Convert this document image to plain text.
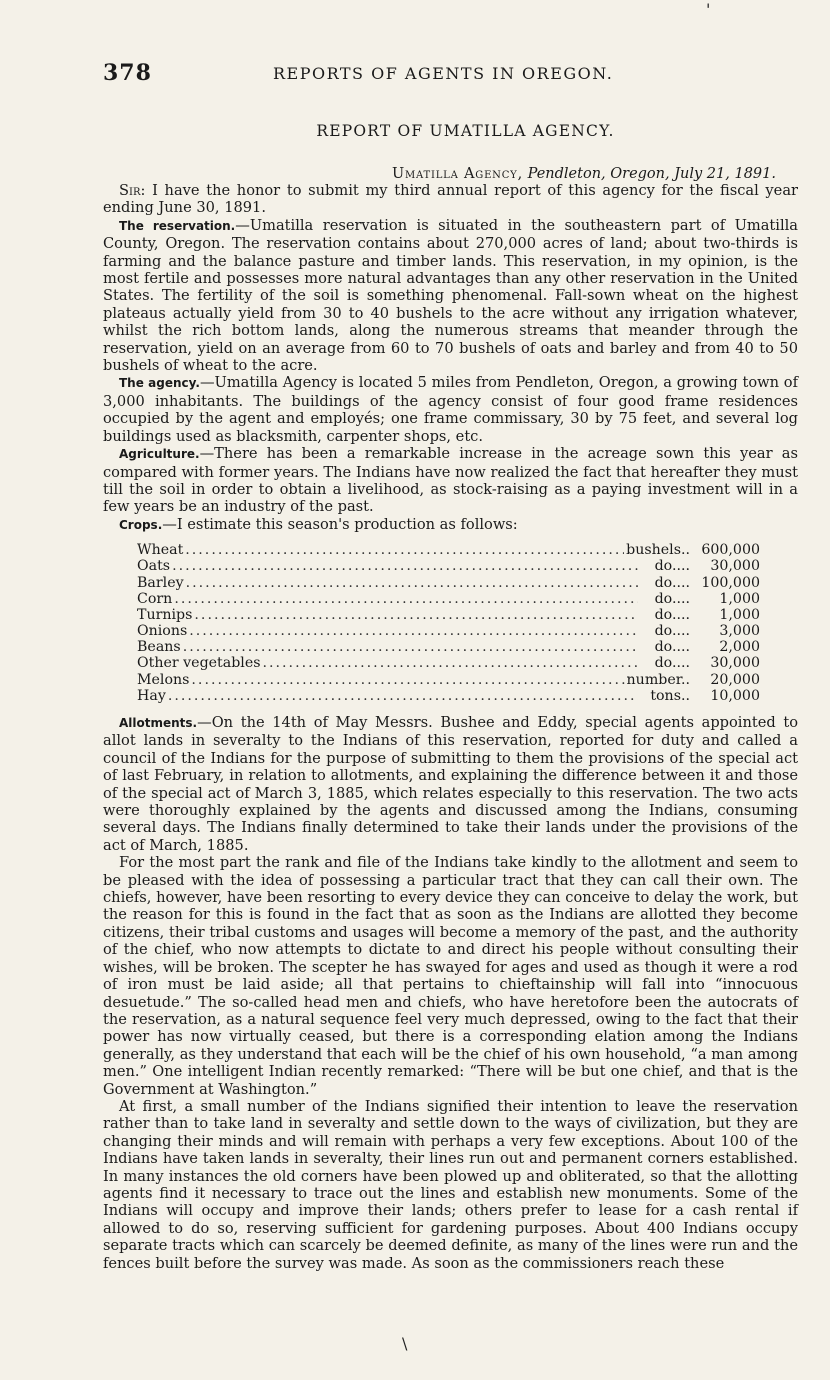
378	REPORTS OF AGENTS IN OREGON.
REPORT OF UMATILLA AGENCY.
Umatilla Agency, Pendleton, Oregon, July 21, 1891.

Sir: I have the honor to submit my third annual report of this agency for the fiscal year ending June 30, 1891.

The reservation.—Umatilla reservation is situated in the southeastern part of Umatilla County, Oregon. The reservation contains about 270,000 acres of land; about two-thirds is farming and the balance pasture and timber lands. This reservation, in my opinion, is the most fertile and possesses more natural advantages than any other reservation in the United States. The fertility of the soil is something phenomenal. Fall-sown wheat on the highest plateaus actually yield from 30 to 40 bushels to the acre without any irrigation whatever, whilst the rich bottom lands, along the numerous streams that meander through the reservation, yield on an average from 60 to 70 bushels of oats and barley and from 40 to 50 bushels of wheat to the acre.

The agency.—Umatilla Agency is located 5 miles from Pendleton, Oregon, a growing town of 3,000 inhabitants. The buildings of the agency consist of four good frame residences occupied by the agent and employés; one frame commissary, 30 by 75 feet, and several log buildings used as blacksmith, carpenter shops, etc.

Agriculture.—There has been a remarkable increase in the acreage sown this year as compared with former years. The Indians have now realized the fact that hereafter they must till the soil in order to obtain a livelihood, as stock-raising as a paying investment will in a few years be an industry of the past.

Crops.—I estimate this season's production as follows:

Wheat .....	bushels.. 600,000
Oats .....	do....	30,000
Barley .....	do.... 100,000
Corn .....	do....	1,000
Turnips .....	do....	1,000
Onions .....	do....	3,000
Beans .....	do....	2,000
Other vegetables .....	do....	30,000
Melons .....	number..	20,000
Hay .....	tons..	10,000

Allotments.—On the 14th of May Messrs. Bushee and Eddy, special agents appointed to allot lands in severalty to the Indians of this reservation, reported for duty and called a council of the Indians for the purpose of submitting to them the provisions of the special act of last February, in relation to allotments, and explaining the difference between it and those of the special act of March 3, 1885, which relates especially to this reservation. The two acts were thoroughly explained by the agents and discussed among the Indians, consuming several days. The Indians finally determined to take their lands under the provisions of the act of March, 1885.

For the most part the rank and file of the Indians take kindly to the allotment and seem to be pleased with the idea of possessing a particular tract that they can call their own. The chiefs, however, have been resorting to every device they can conceive to delay the work, but the reason for this is found in the fact that as soon as the Indians are allotted they become citizens, their tribal customs and usages will become a memory of the past, and the authority of the chief, who now attempts to dictate to and direct his people without consulting their wishes, will be broken. The scepter he has swayed for ages and used as though it were a rod of iron must be laid aside; all that pertains to chieftainship will fall into “innocuous desuetude.” The so-called head men and chiefs, who have heretofore been the autocrats of the reservation, as a natural sequence feel very much depressed, owing to the fact that their power has now virtually ceased, but there is a corresponding elation among the Indians generally, as they understand that each will be the chief of his own household, “a man among men.” One intelligent Indian recently remarked: “There will be but one chief, and that is the Government at Washington.”

At first, a small number of the Indians signified their intention to leave the reservation rather than to take land in severalty and settle down to the ways of civilization, but they are changing their minds and will remain with perhaps a very few exceptions. About 100 of the Indians have taken lands in severalty, their lines run out and permanent corners established. In many instances the old corners have been plowed up and obliterated, so that the allotting agents find it necessary to trace out the lines and establish new monuments. Some of the Indians will occupy and improve their lands; others prefer to lease for a cash rental if allowed to do so, reserving sufficient for gardening purposes. About 400 Indians occupy separate tracts which can scarcely be deemed definite, as many of the lines were run and the fences built before the survey was made. As soon as the commissioners reach these

'
\
